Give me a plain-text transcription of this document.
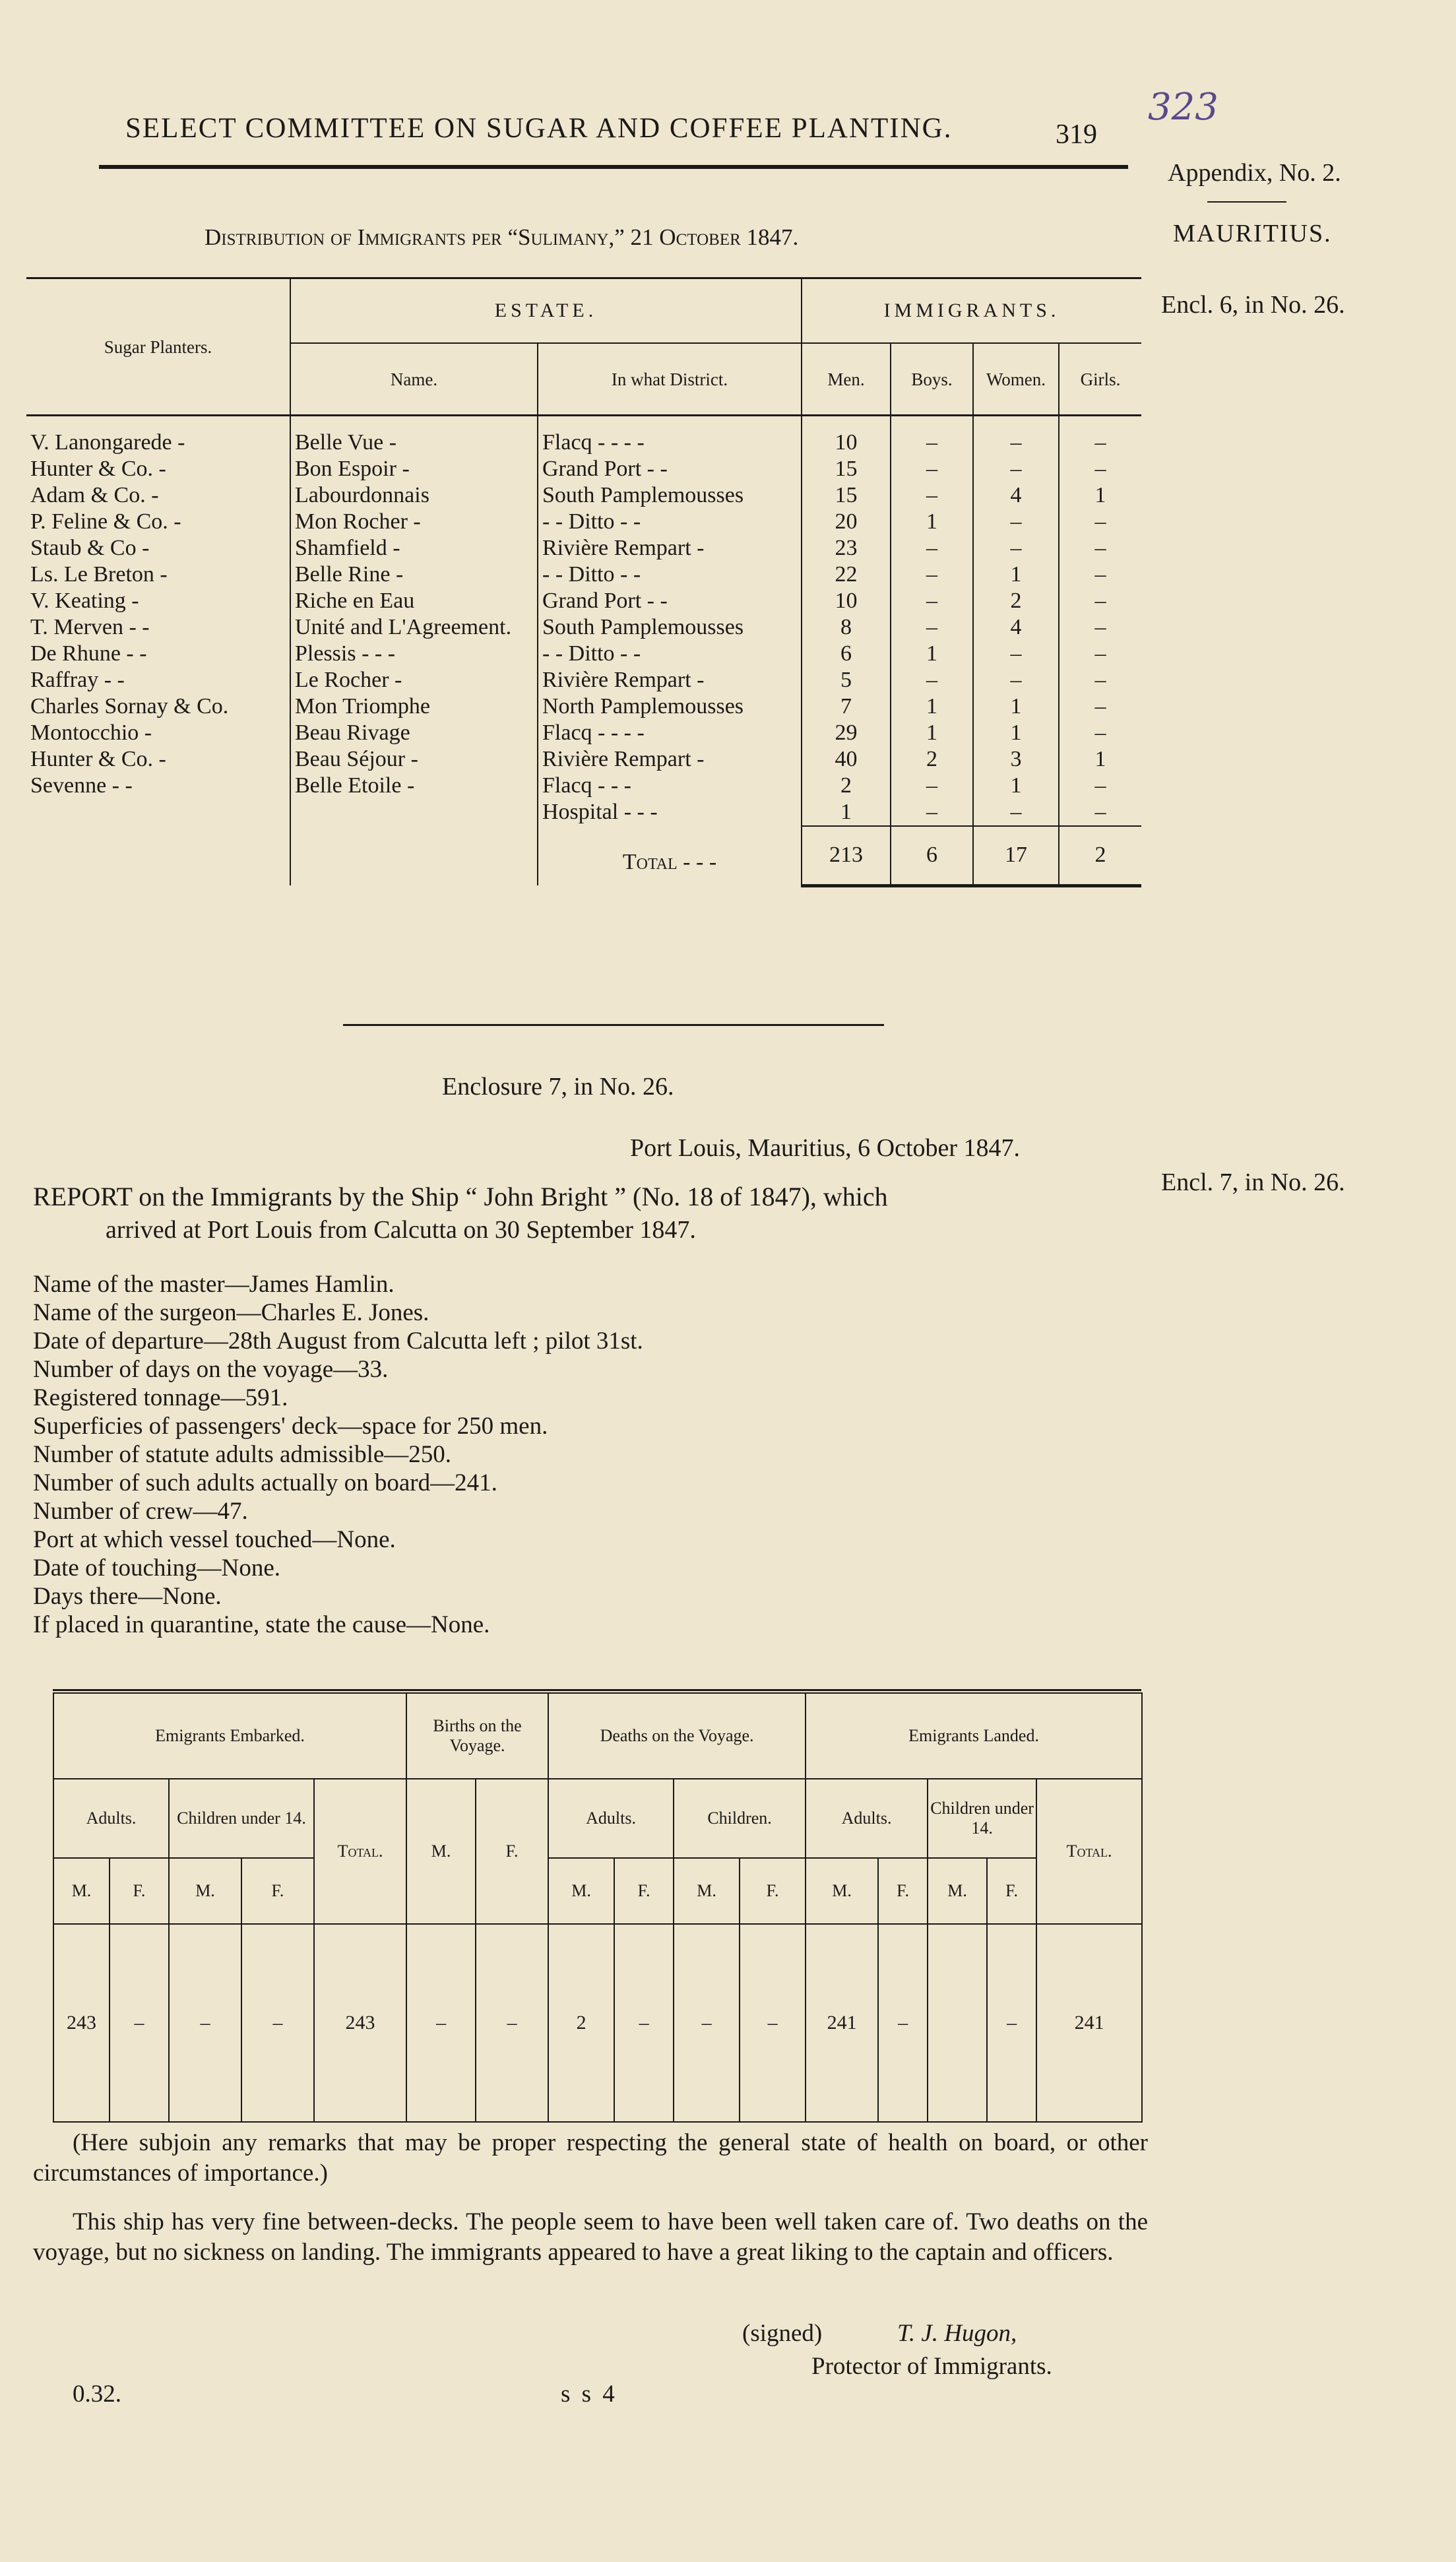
SELECT COMMITTEE ON SUGAR AND COFFEE PLANTING.	319
323
Appendix, No. 2.
MAURITIUS.
Encl. 6, in No. 26.
Encl. 7, in No. 26.
Distribution of Immigrants per “Sulimany,” 21 October 1847.
Sugar Planters.	ESTATE.		IMMIGRANTS.			
	Name.	In what District.	Men.	Boys.	Women.	Girls.
V. Lanongarede -	Belle Vue -	Flacq - - - -	10	–	–	–
Hunter & Co. -	Bon Espoir -	Grand Port - -	15	–	–	–
Adam & Co. -	Labourdonnais	South Pamplemousses	15	–	4	1
P. Feline & Co. -	Mon Rocher -	- - Ditto - -	20	1	–	–
Staub & Co -	Shamfield -	Rivière Rempart -	23	–	–	–
Ls. Le Breton -	Belle Rine -	- - Ditto - -	22	–	1	–
V. Keating -	Riche en Eau	Grand Port - -	10	–	2	–
T. Merven - -	Unité and L'Agreement.	South Pamplemousses	8	–	4	–
De Rhune - -	Plessis - - -	- - Ditto - -	6	1	–	–
Raffray - -	Le Rocher -	Rivière Rempart -	5	–	–	–
Charles Sornay & Co.	Mon Triomphe	North Pamplemousses	7	1	1	–
Montocchio -	Beau Rivage	Flacq - - - -	29	1	1	–
Hunter & Co. -	Beau Séjour -	Rivière Rempart -	40	2	3	1
Sevenne - -	Belle Etoile -	Flacq - - -	2	–	1	–
		Hospital - - -	1	–	–	–
		Total - - -	213	6	17	2
Enclosure 7, in No. 26.
Port Louis, Mauritius, 6 October 1847.
REPORT on the Immigrants by the Ship “ John Bright ” (No. 18 of 1847), which
arrived at Port Louis from Calcutta on 30 September 1847.
Name of the master—James Hamlin.
Name of the surgeon—Charles E. Jones.
Date of departure—28th August from Calcutta left ; pilot 31st.
Number of days on the voyage—33.
Registered tonnage—591.
Superficies of passengers' deck—space for 250 men.
Number of statute adults admissible—250.
Number of such adults actually on board—241.
Number of crew—47.
Port at which vessel touched—None.
Date of touching—None.
Days there—None.
If placed in quarantine, state the cause—None.
Emigrants Embarked.					Births on the Voyage.		Deaths on the Voyage.				Emigrants Landed.				
Adults.		Children under 14.		Total.	M.	F.	Adults.		Children.		Adults.		Children under 14.		Total.
M.	F.	M.	F.				M.	F.	M.	F.	M.	F.	M.	F.	
243	–	–	–	243	–	–	2	–	–	–	241	–		–	241
(Here subjoin any remarks that may be proper respecting the general state of health on board, or other circumstances of importance.)
This ship has very fine between-decks. The people seem to have been well taken care of. Two deaths on the voyage, but no sickness on landing. The immigrants appeared to have a great liking to the captain and officers.
(signed)	T. J. Hugon,
Protector of Immigrants.
0.32.	s s 4
